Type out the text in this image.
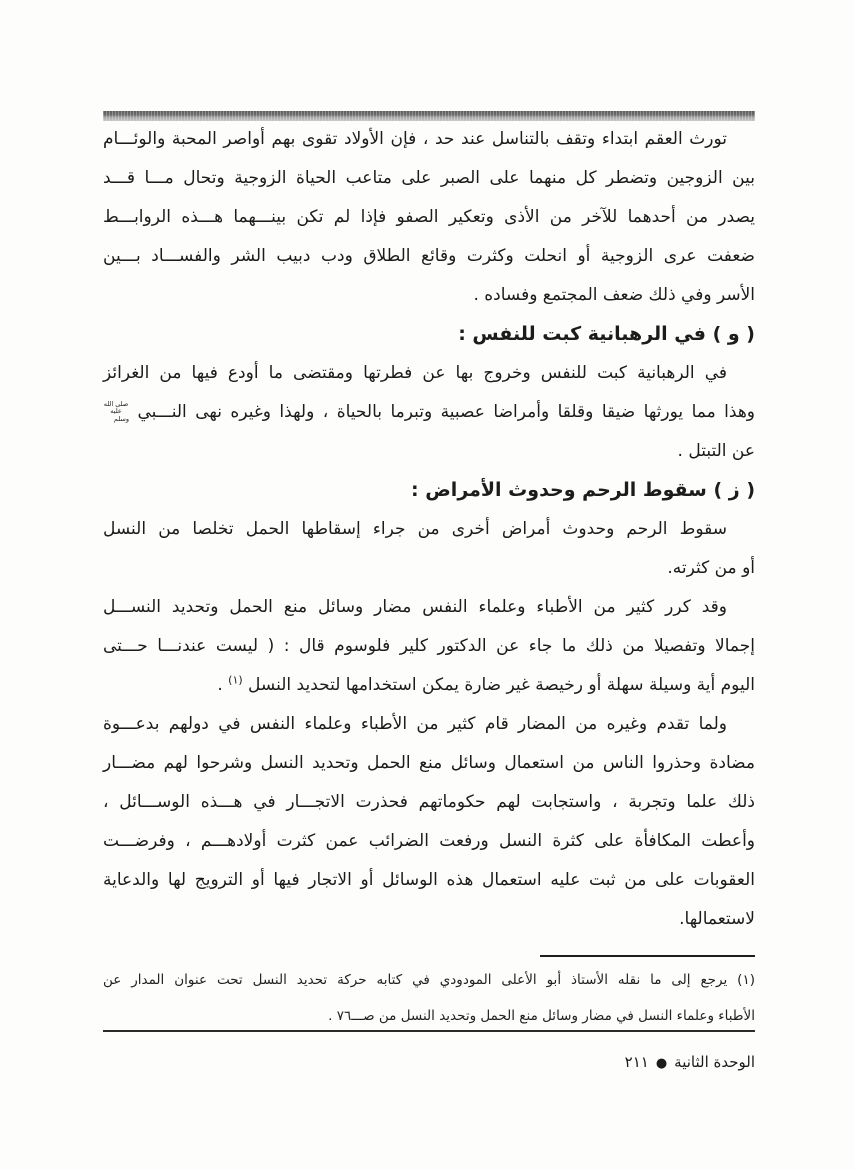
تورث العقم ابتداء وتقف بالتناسل عند حد ، فإن الأولاد تقوى بهم أواصر المحبة والوئـــام
بين الزوجين وتضطر كل منهما على الصبر على متاعب الحياة الزوجية وتحال مـــا قـــد
يصدر من أحدهما للآخر من الأذى وتعكير الصفو فإذا لم تكن بينـــهما هـــذه الروابـــط
ضعفت عرى الزوجية أو انحلت وكثرت وقائع الطلاق ودب دبيب الشر والفســـاد بـــين
الأسر وفي ذلك ضعف المجتمع وفساده .
( و ) في الرهبانية كبت للنفس :
في الرهبانية كبت للنفس وخروج بها عن فطرتها ومقتضى ما أودع فيها من الغرائز
وهذا مما يورثها ضيقا وقلقا وأمراضا عصبية وتبرما بالحياة ، ولهذا وغيره نهى النـــبي صلى الله عليه وسلم
عن التبتل .
( ز ) سقوط الرحم وحدوث الأمراض :
سقوط الرحم وحدوث أمراض أخرى من جراء إسقاطها الحمل تخلصا من النسل
أو من كثرته.
وقد كرر كثير من الأطباء وعلماء النفس مضار وسائل منع الحمل وتحديد النســـل
إجمالا وتفصيلا من ذلك ما جاء عن الدكتور كلير فلوسوم قال : ( ليست عندنـــا حـــتى
اليوم أية وسيلة سهلة أو رخيصة غير ضارة يمكن استخدامها لتحديد النسل $^{(١)}$ .
ولما تقدم وغيره من المضار قام كثير من الأطباء وعلماء النفس في دولهم بدعـــوة
مضادة وحذروا الناس من استعمال وسائل منع الحمل وتحديد النسل وشرحوا لهم مضـــار
ذلك علما وتجربة ، واستجابت لهم حكوماتهم فحذرت الاتجـــار في هـــذه الوســـائل ،
وأعطت المكافأة على كثرة النسل ورفعت الضرائب عمن كثرت أولادهـــم ، وفرضـــت
العقوبات على من ثبت عليه استعمال هذه الوسائل أو الاتجار فيها أو الترويج لها والدعاية
لاستعمالها.
(١) يرجع إلى ما نقله الأستاذ أبو الأعلى المودودي في كتابه حركة تحديد النسل تحت عنوان المدار عن
الأطباء وعلماء النسل في مضار وسائل منع الحمل وتحديد النسل من صـــ٧٦ .
الوحدة الثانية●١١٢
